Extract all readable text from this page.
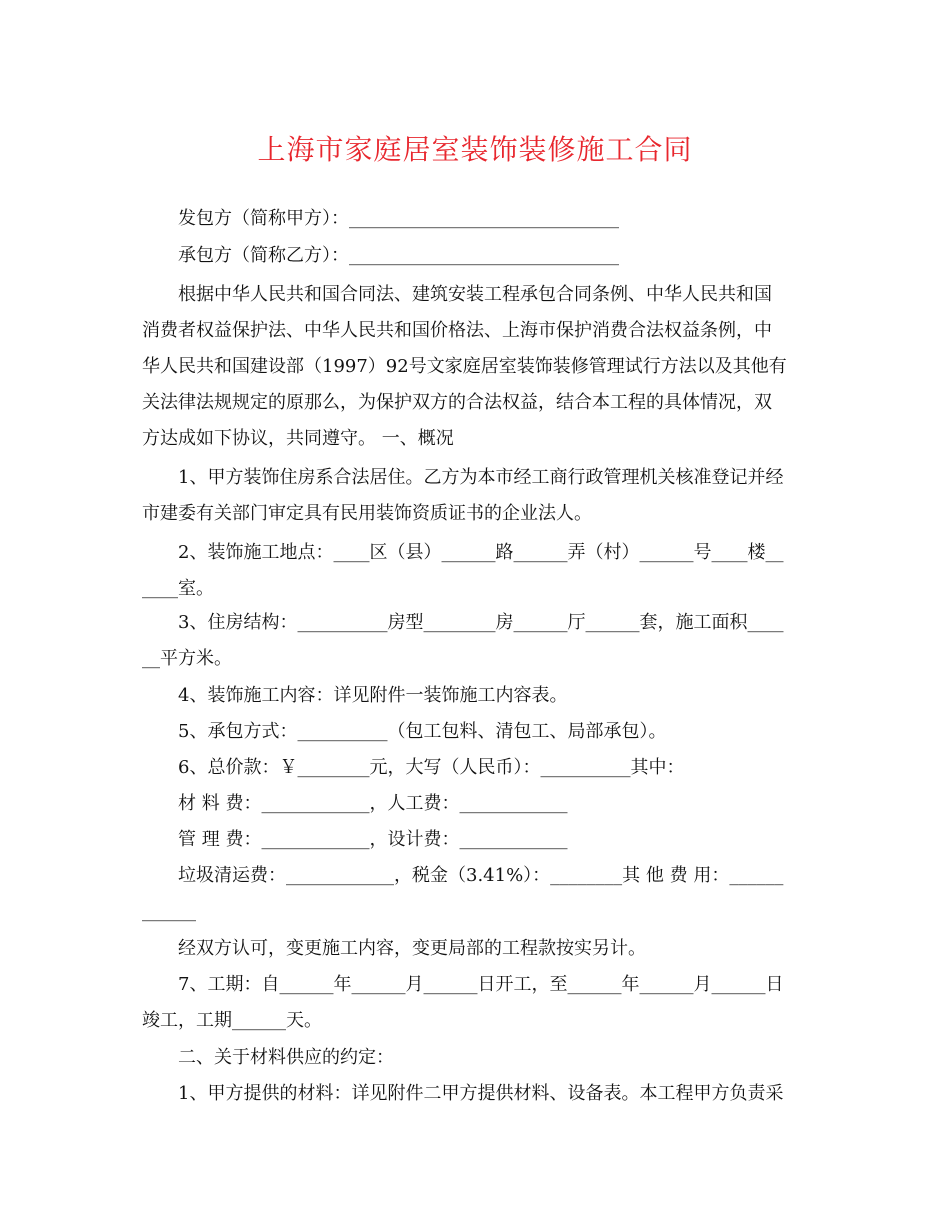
上海市家庭居室装饰装修施工合同
发包方（简称甲方）：______________________________
承包方（简称乙方）：______________________________
根据中华人民共和国合同法、建筑安装工程承包合同条例、中华人民共和国
消费者权益保护法、中华人民共和国价格法、上海市保护消费合法权益条例，中
华人民共和国建设部（1997）92号文家庭居室装饰装修管理试行方法以及其他有
关法律法规规定的原那么，为保护双方的合法权益，结合本工程的具体情况，双
方达成如下协议，共同遵守。 一、概况
1、甲方装饰住房系合法居住。乙方为本市经工商行政管理机关核准登记并经
市建委有关部门审定具有民用装饰资质证书的企业法人。
2、装饰施工地点：____区（县）______路______弄（村）______号____楼__
____室。
3、住房结构：__________房型________房______厅______套，施工面积____
__平方米。
4、装饰施工内容：详见附件一装饰施工内容表。
5、承包方式：__________（包工包料、清包工、局部承包）。
6、总价款：￥________元，大写（人民币）：__________其中：
材 料 费：____________，人工费：____________
管 理 费：____________，设计费：____________
垃圾清运费：____________，税金（3.41%）：________其 他 费 用：______
______
经双方认可，变更施工内容，变更局部的工程款按实另计。
7、工期：自______年______月______日开工，至______年______月______日
竣工，工期______天。
二、关于材料供应的约定：
1、甲方提供的材料：详见附件二甲方提供材料、设备表。本工程甲方负责采
